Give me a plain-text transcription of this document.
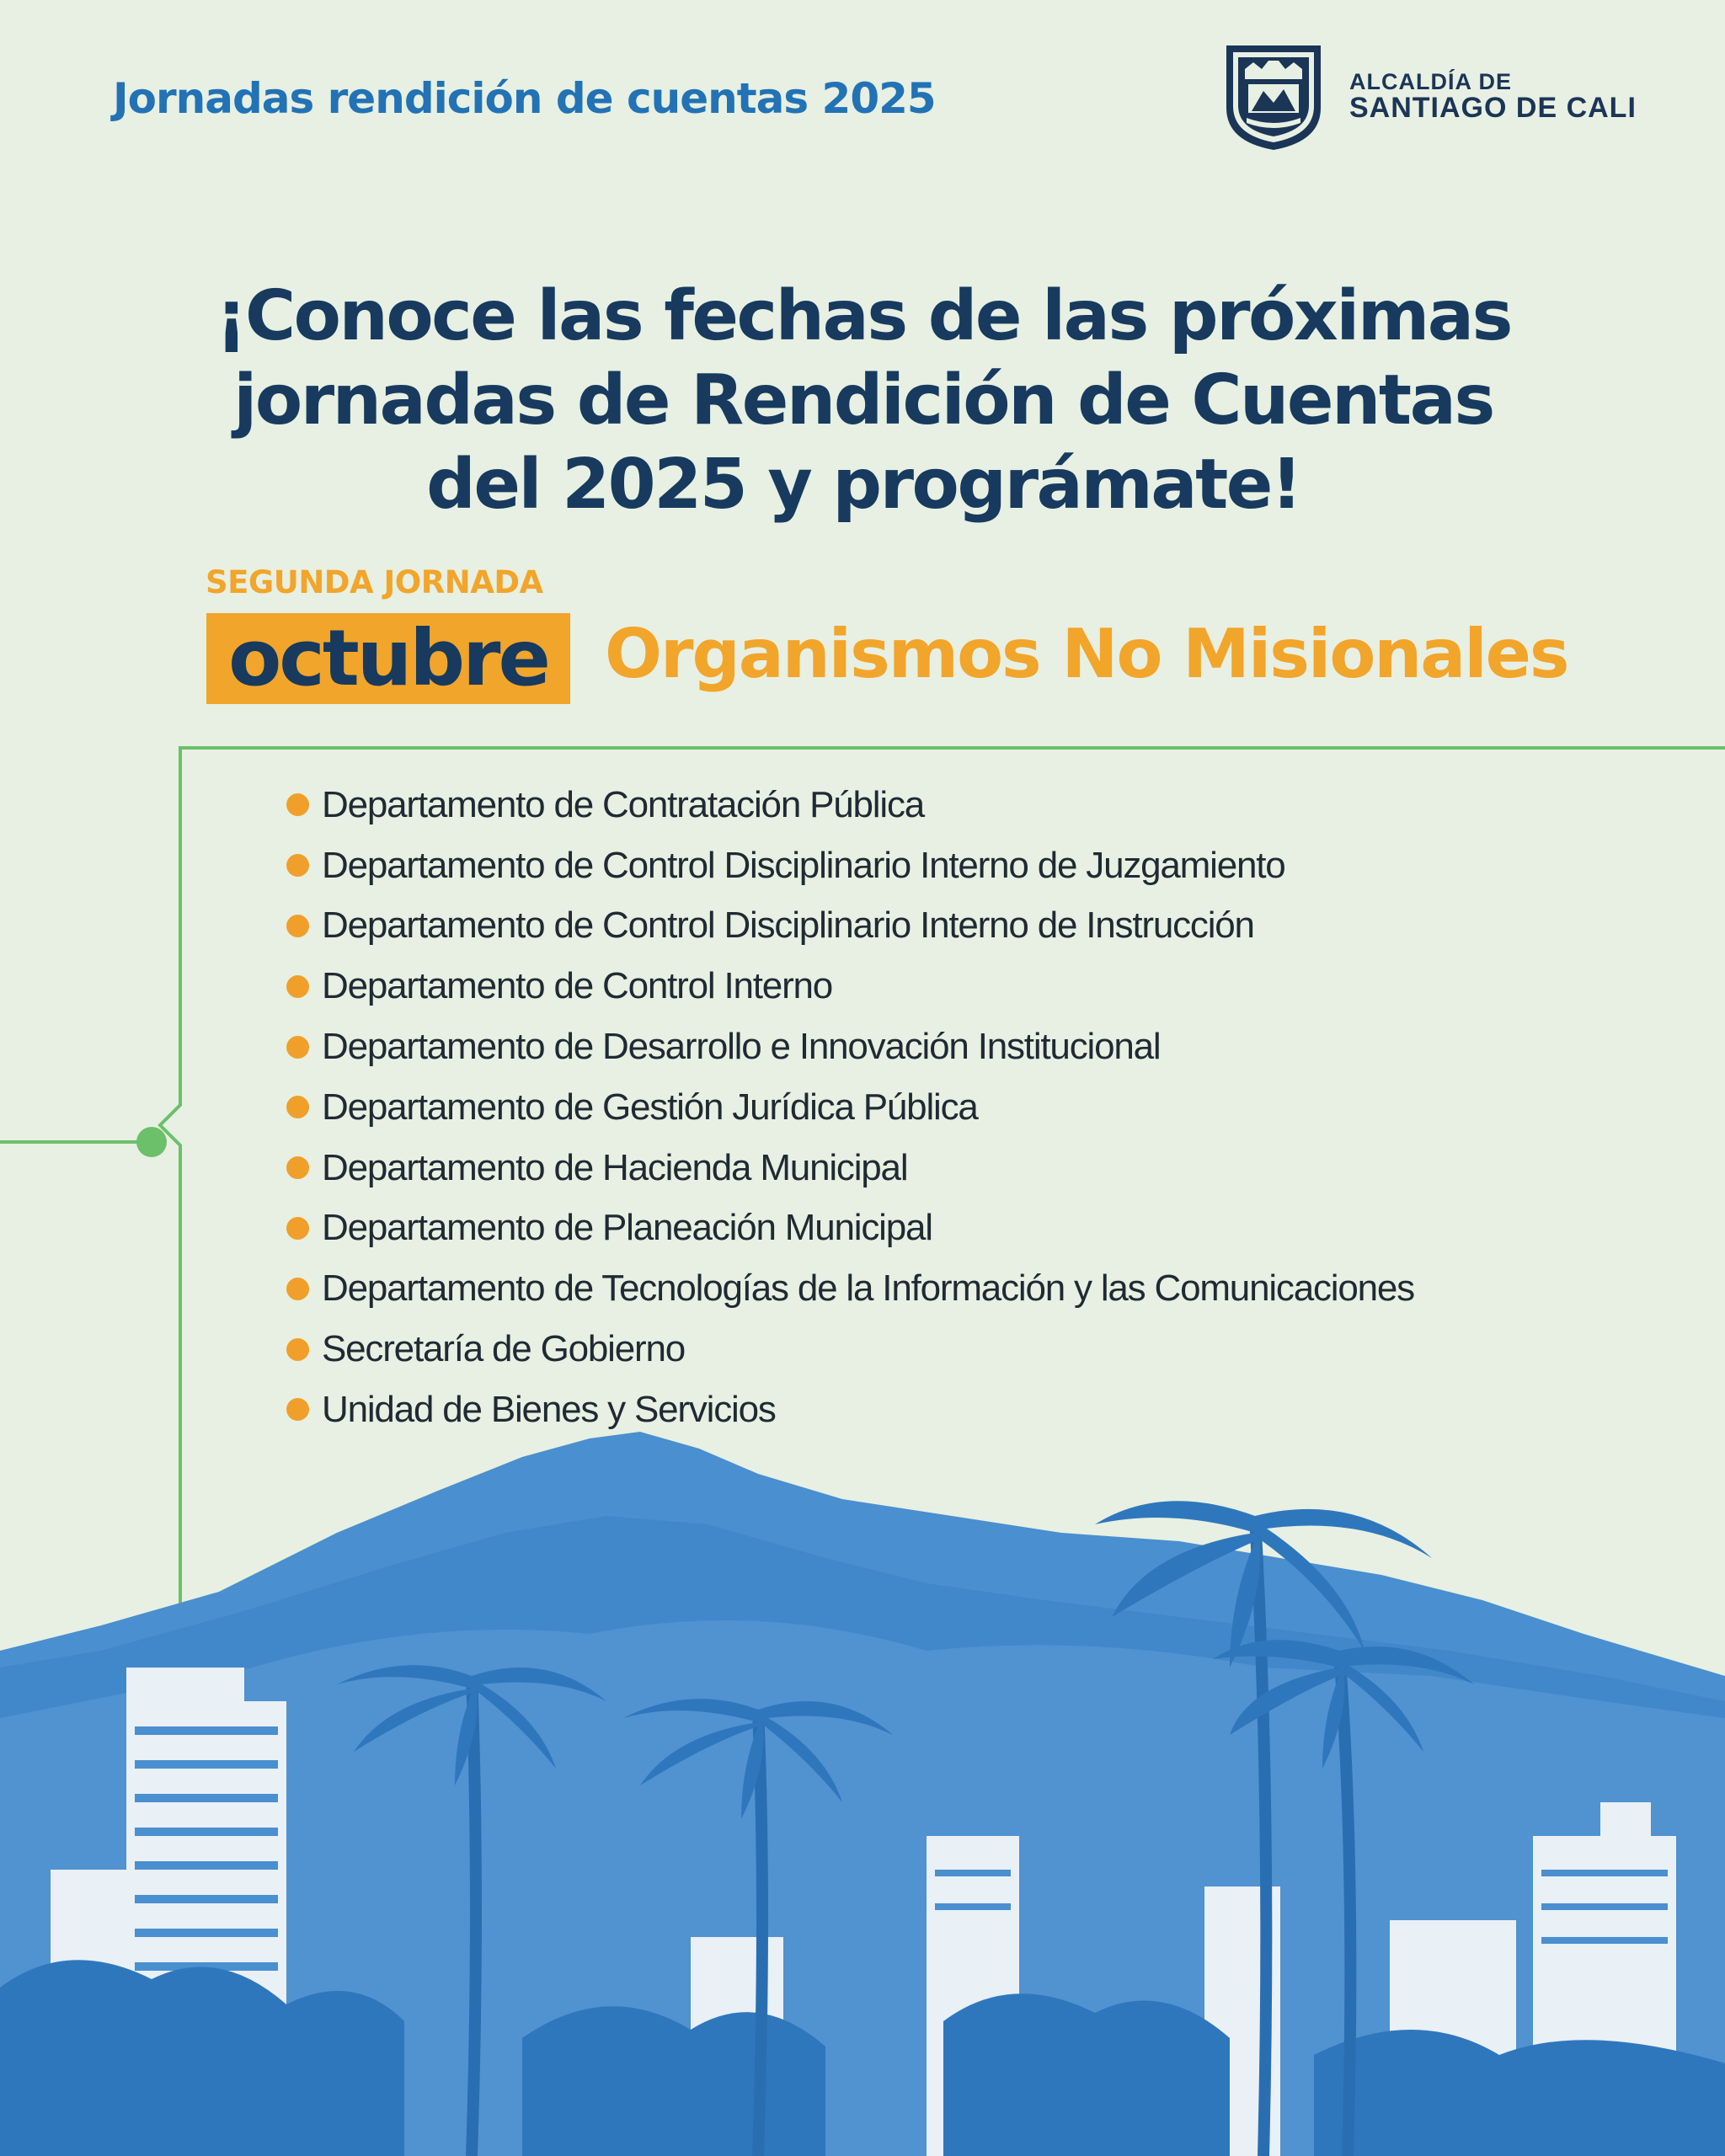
Jornadas rendición de cuentas 2025	ALCALDÍA DE
SANTIAGO DE CALI
¡Conoce las fechas de las próximas
jornadas de Rendición de Cuentas
del 2025 y prográmate!
SEGUNDA JORNADA
octubre Organismos No Misionales
Departamento de Contratación Pública
Departamento de Control Disciplinario Interno de Juzgamiento
Departamento de Control Disciplinario Interno de Instrucción
Departamento de Control Interno
Departamento de Desarrollo e Innovación Institucional
Departamento de Gestión Jurídica Pública
Departamento de Hacienda Municipal
Departamento de Planeación Municipal
Departamento de Tecnologías de la Información y las Comunicaciones
Secretaría de Gobierno
Unidad de Bienes y Servicios
